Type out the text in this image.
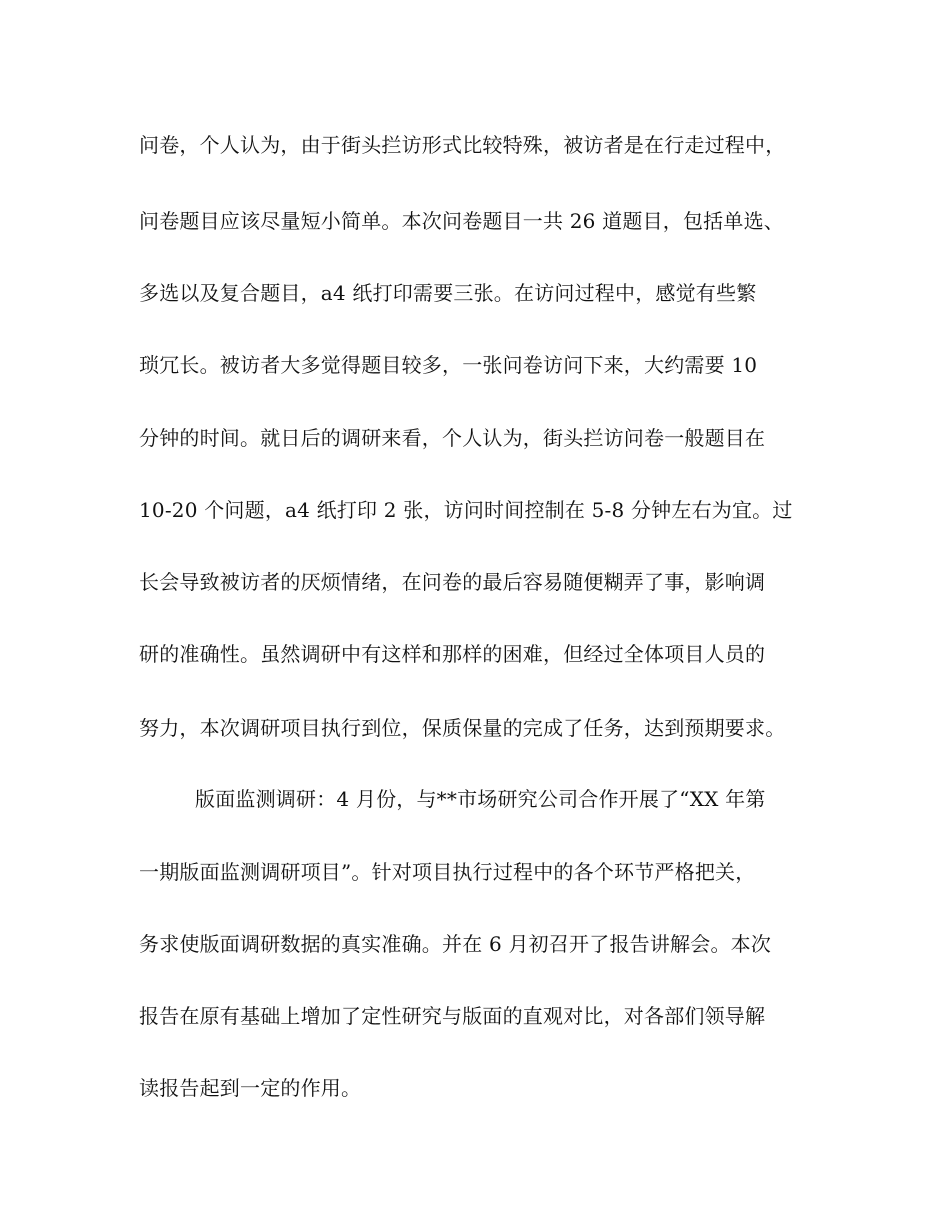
问卷，个人认为，由于街头拦访形式比较特殊，被访者是在行走过程中，
问卷题目应该尽量短小简单。本次问卷题目一共 26 道题目，包括单选、
多选以及复合题目，a4 纸打印需要三张。在访问过程中，感觉有些繁
琐冗长。被访者大多觉得题目较多，一张问卷访问下来，大约需要 10
分钟的时间。就日后的调研来看，个人认为，街头拦访问卷一般题目在
10-20 个问题，a4 纸打印 2 张，访问时间控制在 5-8 分钟左右为宜。过
长会导致被访者的厌烦情绪，在问卷的最后容易随便糊弄了事，影响调
研的准确性。虽然调研中有这样和那样的困难，但经过全体项目人员的
努力，本次调研项目执行到位，保质保量的完成了任务，达到预期要求。
版面监测调研：4 月份，与**市场研究公司合作开展了“XX 年第
一期版面监测调研项目”。针对项目执行过程中的各个环节严格把关，
务求使版面调研数据的真实准确。并在 6 月初召开了报告讲解会。本次
报告在原有基础上增加了定性研究与版面的直观对比，对各部们领导解
读报告起到一定的作用。
